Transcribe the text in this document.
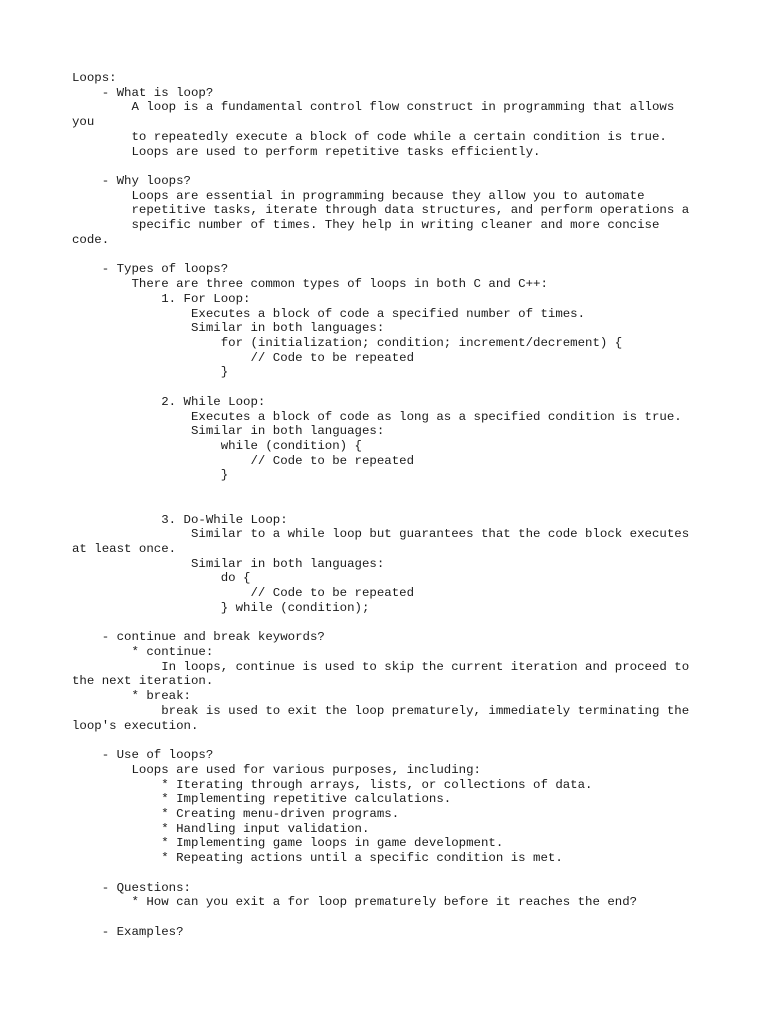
Loops:
- What is loop?
A loop is a fundamental control flow construct in programming that allows
you
to repeatedly execute a block of code while a certain condition is true.
Loops are used to perform repetitive tasks efficiently.

- Why loops?
Loops are essential in programming because they allow you to automate
repetitive tasks, iterate through data structures, and perform operations a
specific number of times. They help in writing cleaner and more concise
code.

- Types of loops?
There are three common types of loops in both C and C++:
1. For Loop:
Executes a block of code a specified number of times.
Similar in both languages:
for (initialization; condition; increment/decrement) {
// Code to be repeated
}

2. While Loop:
Executes a block of code as long as a specified condition is true.
Similar in both languages:
while (condition) {
// Code to be repeated
}

3. Do-While Loop:
Similar to a while loop but guarantees that the code block executes
at least once.
Similar in both languages:
do {
// Code to be repeated
} while (condition);

- continue and break keywords?
* continue:
In loops, continue is used to skip the current iteration and proceed to
the next iteration.
* break:
break is used to exit the loop prematurely, immediately terminating the
loop's execution.

- Use of loops?
Loops are used for various purposes, including:
* Iterating through arrays, lists, or collections of data.
* Implementing repetitive calculations.
* Creating menu-driven programs.
* Handling input validation.
* Implementing game loops in game development.
* Repeating actions until a specific condition is met.

- Questions:
* How can you exit a for loop prematurely before it reaches the end?

- Examples?
